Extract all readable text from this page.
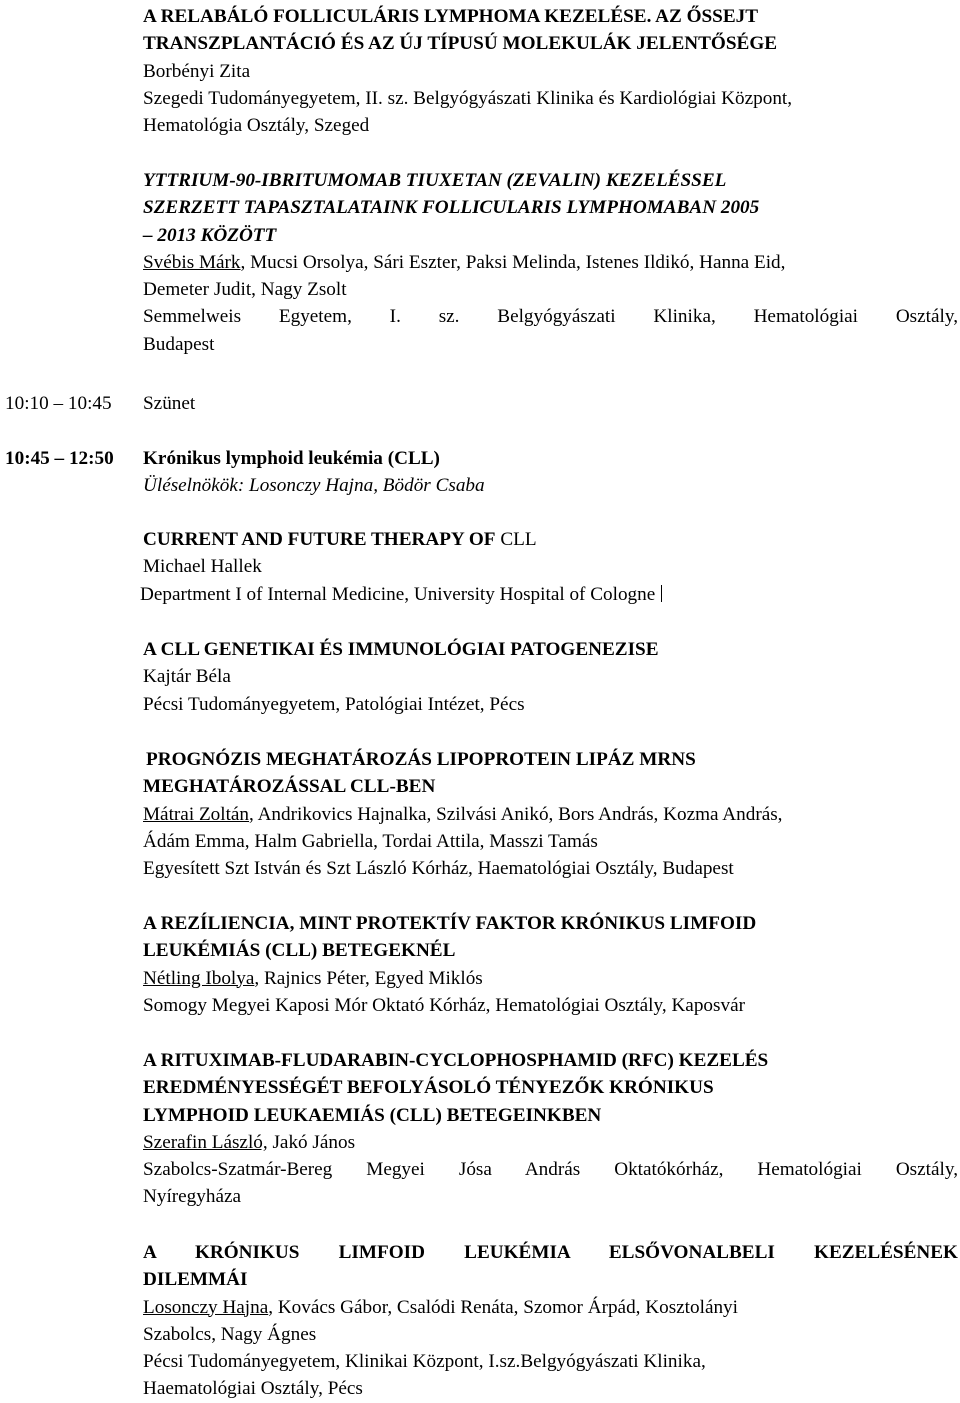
A RELABÁLÓ FOLLICULÁRIS LYMPHOMA KEZELÉSE. AZ ŐSSEJT
TRANSZPLANTÁCIÓ ÉS AZ ÚJ TÍPUSÚ MOLEKULÁK JELENTŐSÉGE
Borbényi Zita
Szegedi Tudományegyetem, II. sz. Belgyógyászati Klinika és Kardiológiai Központ,
Hematológia Osztály, Szeged
YTTRIUM-90-IBRITUMOMAB TIUXETAN (ZEVALIN) KEZELÉSSEL
SZERZETT TAPASZTALATAINK FOLLICULARIS LYMPHOMABAN 2005
– 2013 KÖZÖTT
Svébis Márk, Mucsi Orsolya, Sári Eszter, Paksi Melinda, Istenes Ildikó, Hanna Eid,
Demeter Judit, Nagy Zsolt
Semmelweis Egyetem, I. sz. Belgyógyászati Klinika, Hematológiai Osztály,
Budapest
10:10 – 10:45 Szünet
10:45 – 12:50 Krónikus lymphoid leukémia (CLL)
Üléselnökök: Losonczy Hajna, Bödör Csaba
CURRENT AND FUTURE THERAPY OF CLL
Michael Hallek
Department I of Internal Medicine, University Hospital of Cologne
A CLL GENETIKAI ÉS IMMUNOLÓGIAI PATOGENEZISE
Kajtár Béla
Pécsi Tudományegyetem, Patológiai Intézet, Pécs
PROGNÓZIS MEGHATÁROZÁS LIPOPROTEIN LIPÁZ MRNS
MEGHATÁROZÁSSAL CLL-BEN
Mátrai Zoltán, Andrikovics Hajnalka, Szilvási Anikó, Bors András, Kozma András,
Ádám Emma, Halm Gabriella, Tordai Attila, Masszi Tamás
Egyesített Szt István és Szt László Kórház, Haematológiai Osztály, Budapest
A REZÍLIENCIA, MINT PROTEKTÍV FAKTOR KRÓNIKUS LIMFOID
LEUKÉMIÁS (CLL) BETEGEKNÉL
Nétling Ibolya, Rajnics Péter, Egyed Miklós
Somogy Megyei Kaposi Mór Oktató Kórház, Hematológiai Osztály, Kaposvár
A RITUXIMAB-FLUDARABIN-CYCLOPHOSPHAMID (RFC) KEZELÉS
EREDMÉNYESSÉGÉT BEFOLYÁSOLÓ TÉNYEZŐK KRÓNIKUS
LYMPHOID LEUKAEMIÁS (CLL) BETEGEINKBEN
Szerafin László, Jakó János
Szabolcs-Szatmár-Bereg Megyei Jósa András Oktatókórház, Hematológiai Osztály,
Nyíregyháza
A KRÓNIKUS LIMFOID LEUKÉMIA ELSŐVONALBELI KEZELÉSÉNEK
DILEMMÁI
Losonczy Hajna, Kovács Gábor, Csalódi Renáta, Szomor Árpád, Kosztolányi
Szabolcs, Nagy Ágnes
Pécsi Tudományegyetem, Klinikai Központ, I.sz.Belgyógyászati Klinika,
Haematológiai Osztály, Pécs
